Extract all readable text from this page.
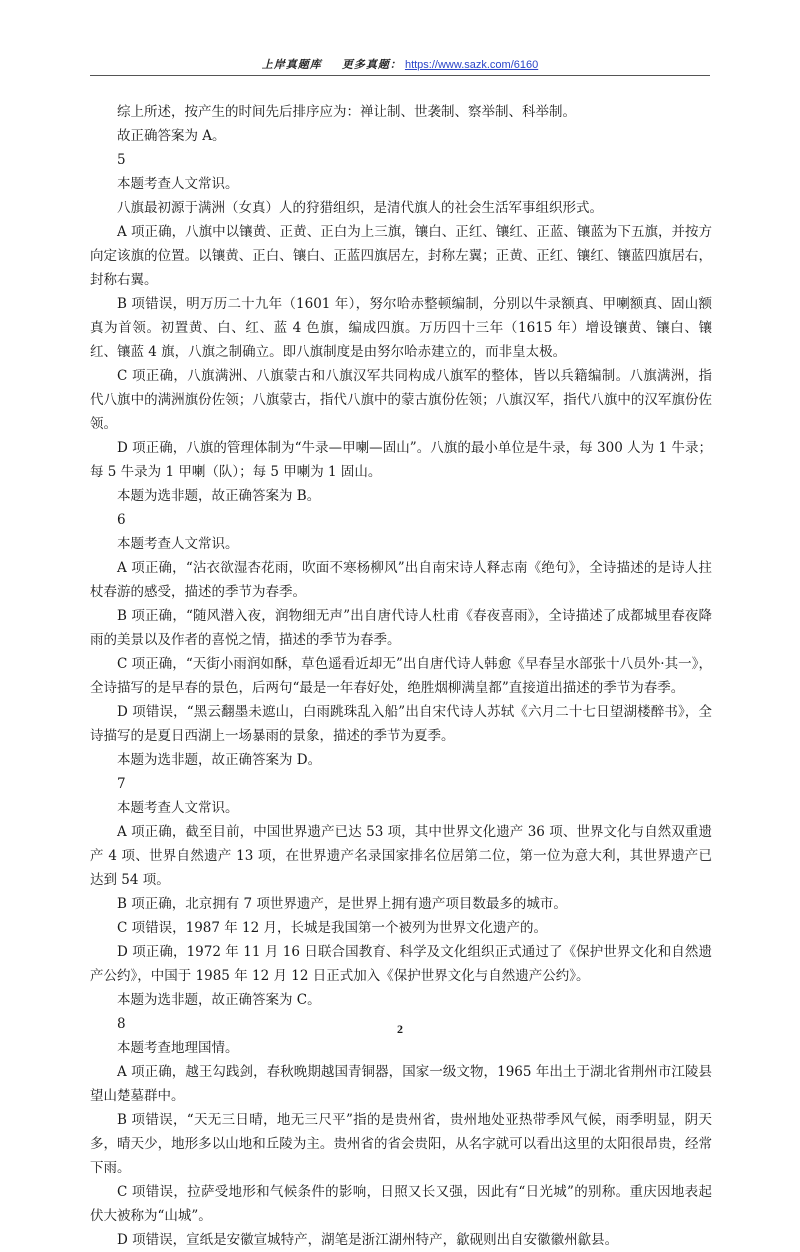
上岸真题库 更多真题： https://www.sazk.com/6160

综上所述，按产生的时间先后排序应为：禅让制、世袭制、察举制、科举制。

故正确答案为 A。

5

本题考查人文常识。

八旗最初源于满洲（女真）人的狩猎组织，是清代旗人的社会生活军事组织形式。

A 项正确，八旗中以镶黄、正黄、正白为上三旗，镶白、正红、镶红、正蓝、镶蓝为下五旗，并按方向定该旗的位置。以镶黄、正白、镶白、正蓝四旗居左，封称左翼；正黄、正红、镶红、镶蓝四旗居右，封称右翼。

B 项错误，明万历二十九年（1601 年），努尔哈赤整顿编制，分别以牛录额真、甲喇额真、固山额真为首领。初置黄、白、红、蓝 4 色旗，编成四旗。万历四十三年（1615 年）增设镶黄、镶白、镶红、镶蓝 4 旗，八旗之制确立。即八旗制度是由努尔哈赤建立的，而非皇太极。

C 项正确，八旗满洲、八旗蒙古和八旗汉军共同构成八旗军的整体，皆以兵籍编制。八旗满洲，指代八旗中的满洲旗份佐领；八旗蒙古，指代八旗中的蒙古旗份佐领；八旗汉军，指代八旗中的汉军旗份佐领。

D 项正确，八旗的管理体制为“牛录—甲喇—固山”。八旗的最小单位是牛录，每 300 人为 1 牛录；每 5 牛录为 1 甲喇（队）；每 5 甲喇为 1 固山。

本题为选非题，故正确答案为 B。

6

本题考查人文常识。

A 项正确，“沾衣欲湿杏花雨，吹面不寒杨柳风”出自南宋诗人释志南《绝句》，全诗描述的是诗人拄杖春游的感受，描述的季节为春季。

B 项正确，“随风潜入夜，润物细无声”出自唐代诗人杜甫《春夜喜雨》，全诗描述了成都城里春夜降雨的美景以及作者的喜悦之情，描述的季节为春季。

C 项正确，“天街小雨润如酥，草色遥看近却无”出自唐代诗人韩愈《早春呈水部张十八员外·其一》，全诗描写的是早春的景色，后两句“最是一年春好处，绝胜烟柳满皇都”直接道出描述的季节为春季。

D 项错误，“黑云翻墨未遮山，白雨跳珠乱入船”出自宋代诗人苏轼《六月二十七日望湖楼醉书》，全诗描写的是夏日西湖上一场暴雨的景象，描述的季节为夏季。

本题为选非题，故正确答案为 D。

7

本题考查人文常识。

A 项正确，截至目前，中国世界遗产已达 53 项，其中世界文化遗产 36 项、世界文化与自然双重遗产 4 项、世界自然遗产 13 项，在世界遗产名录国家排名位居第二位，第一位为意大利，其世界遗产已达到 54 项。

B 项正确，北京拥有 7 项世界遗产，是世界上拥有遗产项目数最多的城市。

C 项错误，1987 年 12 月，长城是我国第一个被列为世界文化遗产的。

D 项正确，1972 年 11 月 16 日联合国教育、科学及文化组织正式通过了《保护世界文化和自然遗产公约》，中国于 1985 年 12 月 12 日正式加入《保护世界文化与自然遗产公约》。

本题为选非题，故正确答案为 C。

8

本题考查地理国情。

A 项正确，越王勾践剑，春秋晚期越国青铜器，国家一级文物，1965 年出土于湖北省荆州市江陵县望山楚墓群中。

B 项错误，“天无三日晴，地无三尺平”指的是贵州省，贵州地处亚热带季风气候，雨季明显，阴天多，晴天少，地形多以山地和丘陵为主。贵州省的省会贵阳，从名字就可以看出这里的太阳很昂贵，经常下雨。

C 项错误，拉萨受地形和气候条件的影响，日照又长又强，因此有“日光城”的别称。重庆因地表起伏大被称为“山城”。

D 项错误，宣纸是安徽宣城特产，湖笔是浙江湖州特产，歙砚则出自安徽徽州歙县。

2
